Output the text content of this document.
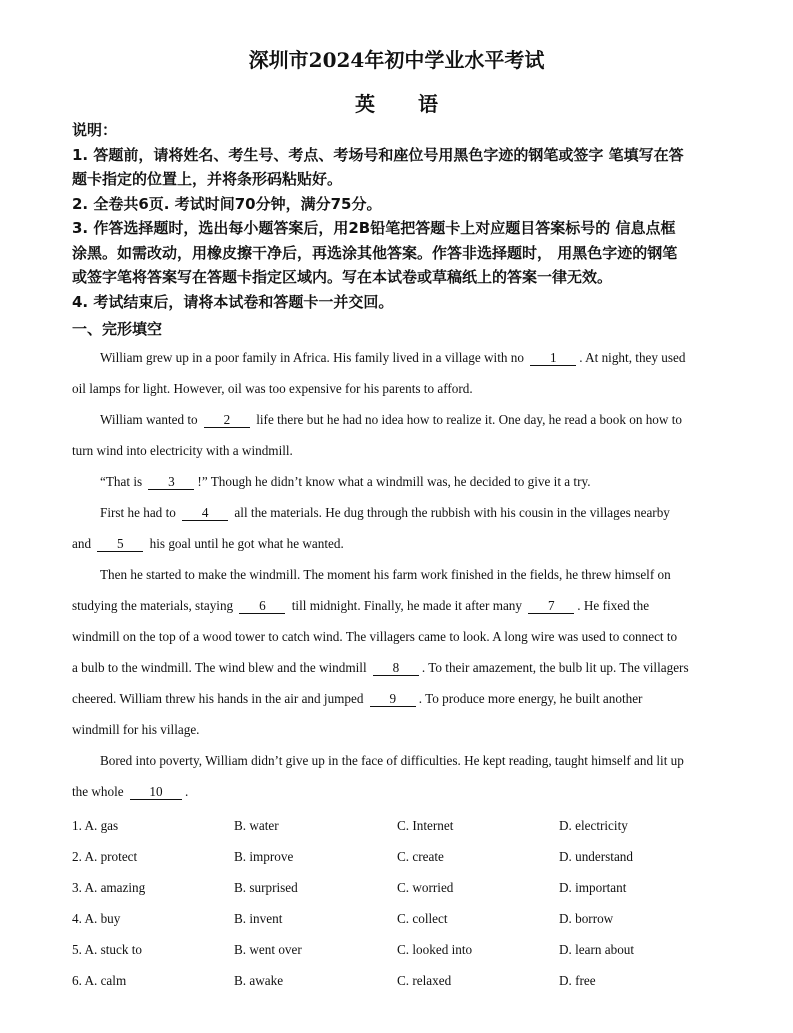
深圳市2024年初中学业水平考试
英 语
说明：
1. 答题前，请将姓名、考生号、考点、考场号和座位号用黑色字迹的钢笔或签字 笔填写在答
题卡指定的位置上，并将条形码粘贴好。
2. 全卷共6页. 考试时间70分钟，满分75分。
3. 作答选择题时，选出每小题答案后，用2B铅笔把答题卡上对应题目答案标号的 信息点框
涂黑。如需改动，用橡皮擦干净后，再选涂其他答案。作答非选择题时， 用黑色字迹的钢笔
或签字笔将答案写在答题卡指定区域内。写在本试卷或草稿纸上的答案一律无效。
4. 考试结束后，请将本试卷和答题卡一并交回。
一、完形填空
William grew up in a poor family in Africa. His family lived in a village with no 1 . At night, they used
oil lamps for light. However, oil was too expensive for his parents to afford.
William wanted to 2 life there but he had no idea how to realize it. One day, he read a book on how to
turn wind into electricity with a windmill.
“That is 3 !” Though he didn’t know what a windmill was, he decided to give it a try.
First he had to 4 all the materials. He dug through the rubbish with his cousin in the villages nearby
and 5 his goal until he got what he wanted.
Then he started to make the windmill. The moment his farm work finished in the fields, he threw himself on
studying the materials, staying 6 till midnight. Finally, he made it after many 7 . He fixed the
windmill on the top of a wood tower to catch wind. The villagers came to look. A long wire was used to connect to
a bulb to the windmill. The wind blew and the windmill 8 . To their amazement, the bulb lit up. The villagers
cheered. William threw his hands in the air and jumped 9 . To produce more energy, he built another
windmill for his village.
Bored into poverty, William didn’t give up in the face of difficulties. He kept reading, taught himself and lit up
the whole 10 .
1. A. gas	B. water	C. Internet	D. electricity
2. A. protect	B. improve	C. create	D. understand
3. A. amazing	B. surprised	C. worried	D. important
4. A. buy	B. invent	C. collect	D. borrow
5. A. stuck to	B. went over	C. looked into	D. learn about
6. A. calm	B. awake	C. relaxed	D. free
